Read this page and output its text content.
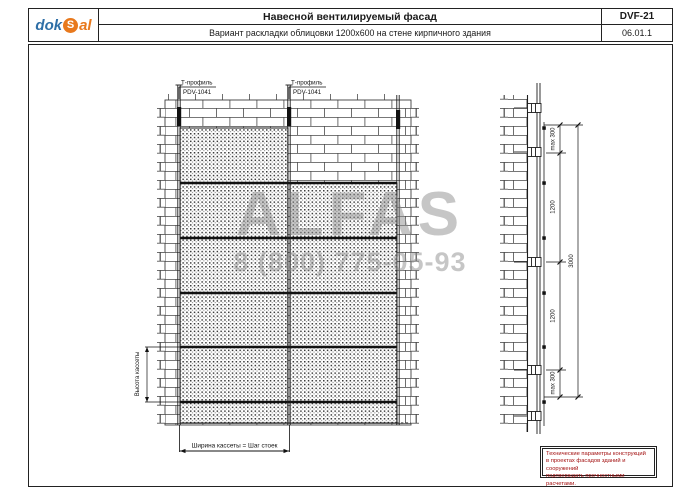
dok S al	Навесной вентилируемый фасад
Вариант раскладки облицовки 1200x600 на стене кирпичного здания
DVF-21
06.01.1
Т-профиль
PDV-1041
Т-профиль
PDV-1041
Высота кассеты
Ширина кассеты = Шаг стоек
max 300
1200
1200
max 300
3000
ALFAS
8 (800) 775-05-93
Технические параметры конструкций
в проектах фасадов зданий и сооружений
подтверждать прочностными расчетами.
